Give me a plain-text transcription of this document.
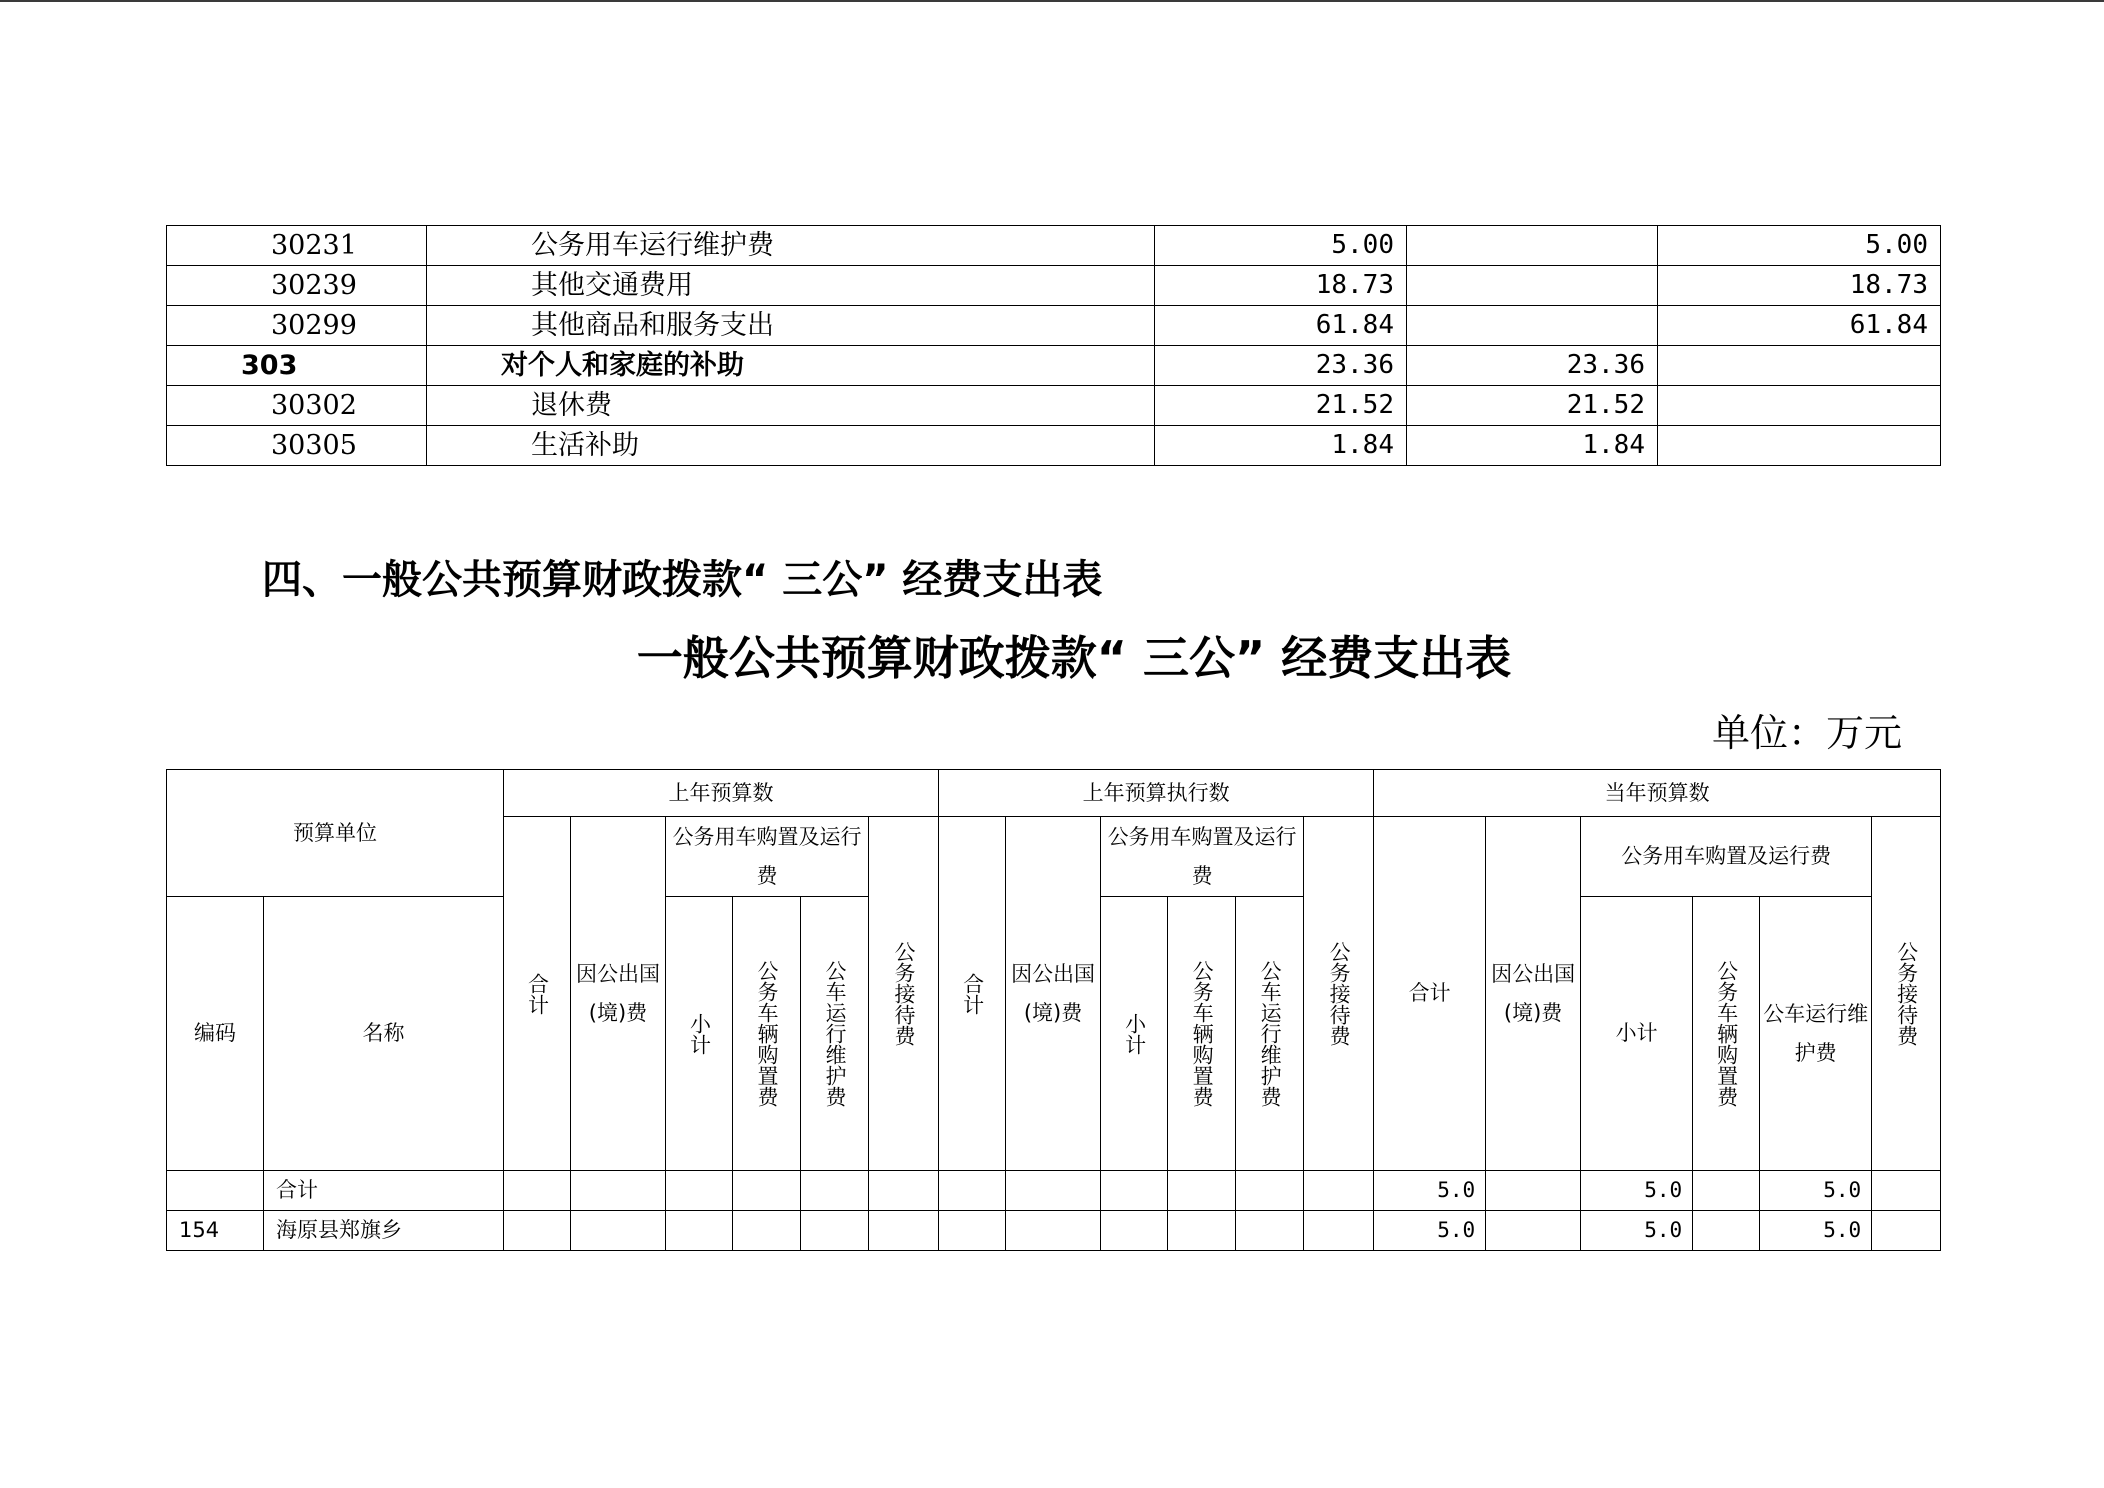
30231	公务用车运行维护费	5.00		5.00
30239	其他交通费用	18.73		18.73
30299	其他商品和服务支出	61.84		61.84
303	对个人和家庭的补助	23.36	23.36	
30302	退休费	21.52	21.52	
30305	生活补助	1.84	1.84	
四、一般公共预算财政拨款“ 三公” 经费支出表
一般公共预算财政拨款“ 三公” 经费支出表
单位：万元
预算单位		上年预算数						上年预算执行数						当年预算数					
		合计	因公出国(境)费	公务用车购置及运行费			公务接待费	合计	因公出国(境)费	公务用车购置及运行费			公务接待费	合计	因公出国(境)费	公务用车购置及运行费			公务接待费
编码	名称			小计	公务车辆购置费	公车运行维护费				小计	公务车辆购置费	公车运行维护费				小计	公务车辆购置费	公车运行维护费	
	合计													5.0		5.0		5.0	
154	海原县郑旗乡													5.0		5.0		5.0	
